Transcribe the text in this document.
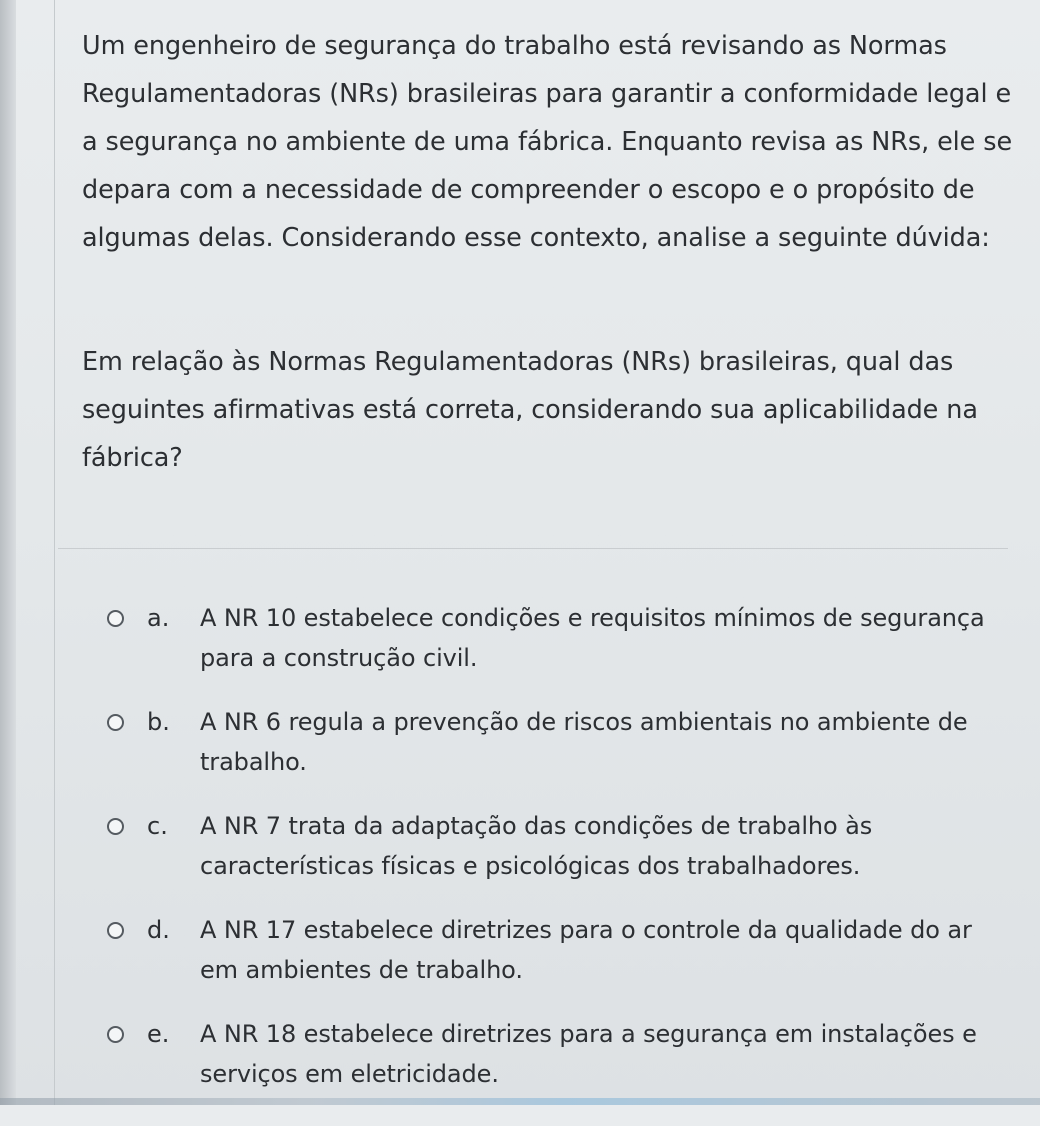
Um engenheiro de segurança do trabalho está revisando as Normas Regulamentadoras (NRs) brasileiras para garantir a conformidade legal e a segurança no ambiente de uma fábrica. Enquanto revisa as NRs, ele se depara com a necessidade de compreender o escopo e o propósito de algumas delas. Considerando esse contexto, analise a seguinte dúvida:

Em relação às Normas Regulamentadoras (NRs) brasileiras, qual das seguintes afirmativas está correta, considerando sua aplicabilidade na fábrica?

a. A NR 10 estabelece condições e requisitos mínimos de segurança para a construção civil.
b. A NR 6 regula a prevenção de riscos ambientais no ambiente de trabalho.
c. A NR 7 trata da adaptação das condições de trabalho às características físicas e psicológicas dos trabalhadores.
d. A NR 17 estabelece diretrizes para o controle da qualidade do ar em ambientes de trabalho.
e. A NR 18 estabelece diretrizes para a segurança em instalações e serviços em eletricidade.
